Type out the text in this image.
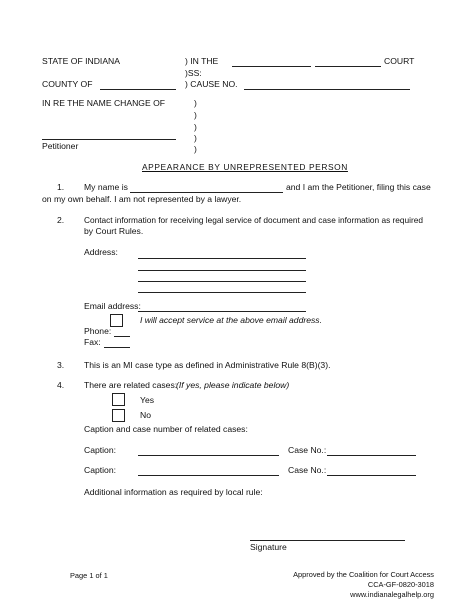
STATE OF INDIANA	) IN THE	COURT
)SS:
COUNTY OF	) CAUSE NO.
IN RE THE NAME CHANGE OF	)
)
)
)
)
Petitioner
APPEARANCE BY UNREPRESENTED PERSON
1. My name is	and I am the Petitioner, filing this case
on my own behalf. I am not represented by a lawyer.
2. Contact information for receiving legal service of document and case information as required
by Court Rules.
Address:
Email address:
I will accept service at the above email address.
Phone:
Fax:
3. This is an MI case type as defined in Administrative Rule 8(B)(3).
4. There are related cases:
(If yes, please indicate below)
Yes
No
Caption and case number of related cases:
Caption:	Case No.:
Caption:	Case No.:
Additional information as required by local rule:
Signature
Page 1 of 1	Approved by the Coalition for Court Access
CCA-GF-0820-3018
www.indianalegalhelp.org
